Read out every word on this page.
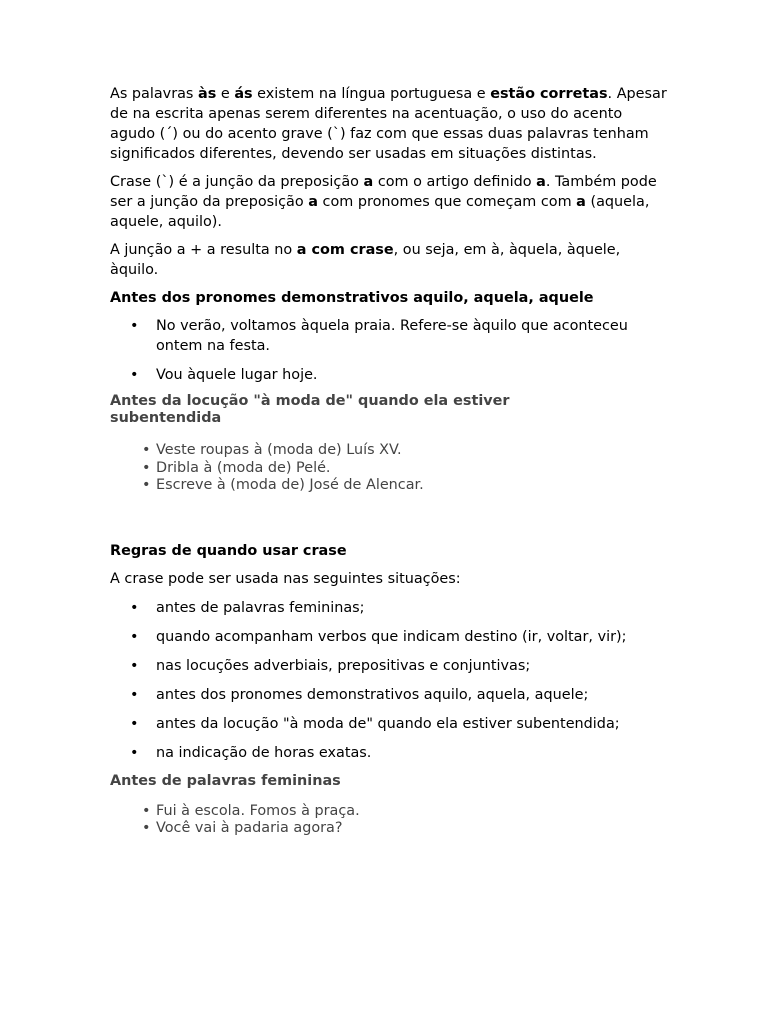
As palavras às e ás existem na língua portuguesa e estão corretas. Apesar de na escrita apenas serem diferentes na acentuação, o uso do acento agudo (´) ou do acento grave (`) faz com que essas duas palavras tenham significados diferentes, devendo ser usadas em situações distintas.

Crase (`) é a junção da preposição a com o artigo definido a. Também pode ser a junção da preposição a com pronomes que começam com a (aquela, aquele, aquilo).

A junção a + a resulta no a com crase, ou seja, em à, àquela, àquele, àquilo.

Antes dos pronomes demonstrativos aquilo, aquela, aquele
• No verão, voltamos àquela praia. Refere-se àquilo que aconteceu ontem na festa.
• Vou àquele lugar hoje.
Antes da locução "à moda de" quando ela estiver subentendida
• Veste roupas à (moda de) Luís XV.
• Dribla à (moda de) Pelé.
• Escreve à (moda de) José de Alencar.
Regras de quando usar crase

A crase pode ser usada nas seguintes situações:

• antes de palavras femininas;
• quando acompanham verbos que indicam destino (ir, voltar, vir);
• nas locuções adverbiais, prepositivas e conjuntivas;
• antes dos pronomes demonstrativos aquilo, aquela, aquele;
• antes da locução "à moda de" quando ela estiver subentendida;
• na indicação de horas exatas.
Antes de palavras femininas
• Fui à escola. Fomos à praça.
• Você vai à padaria agora?
